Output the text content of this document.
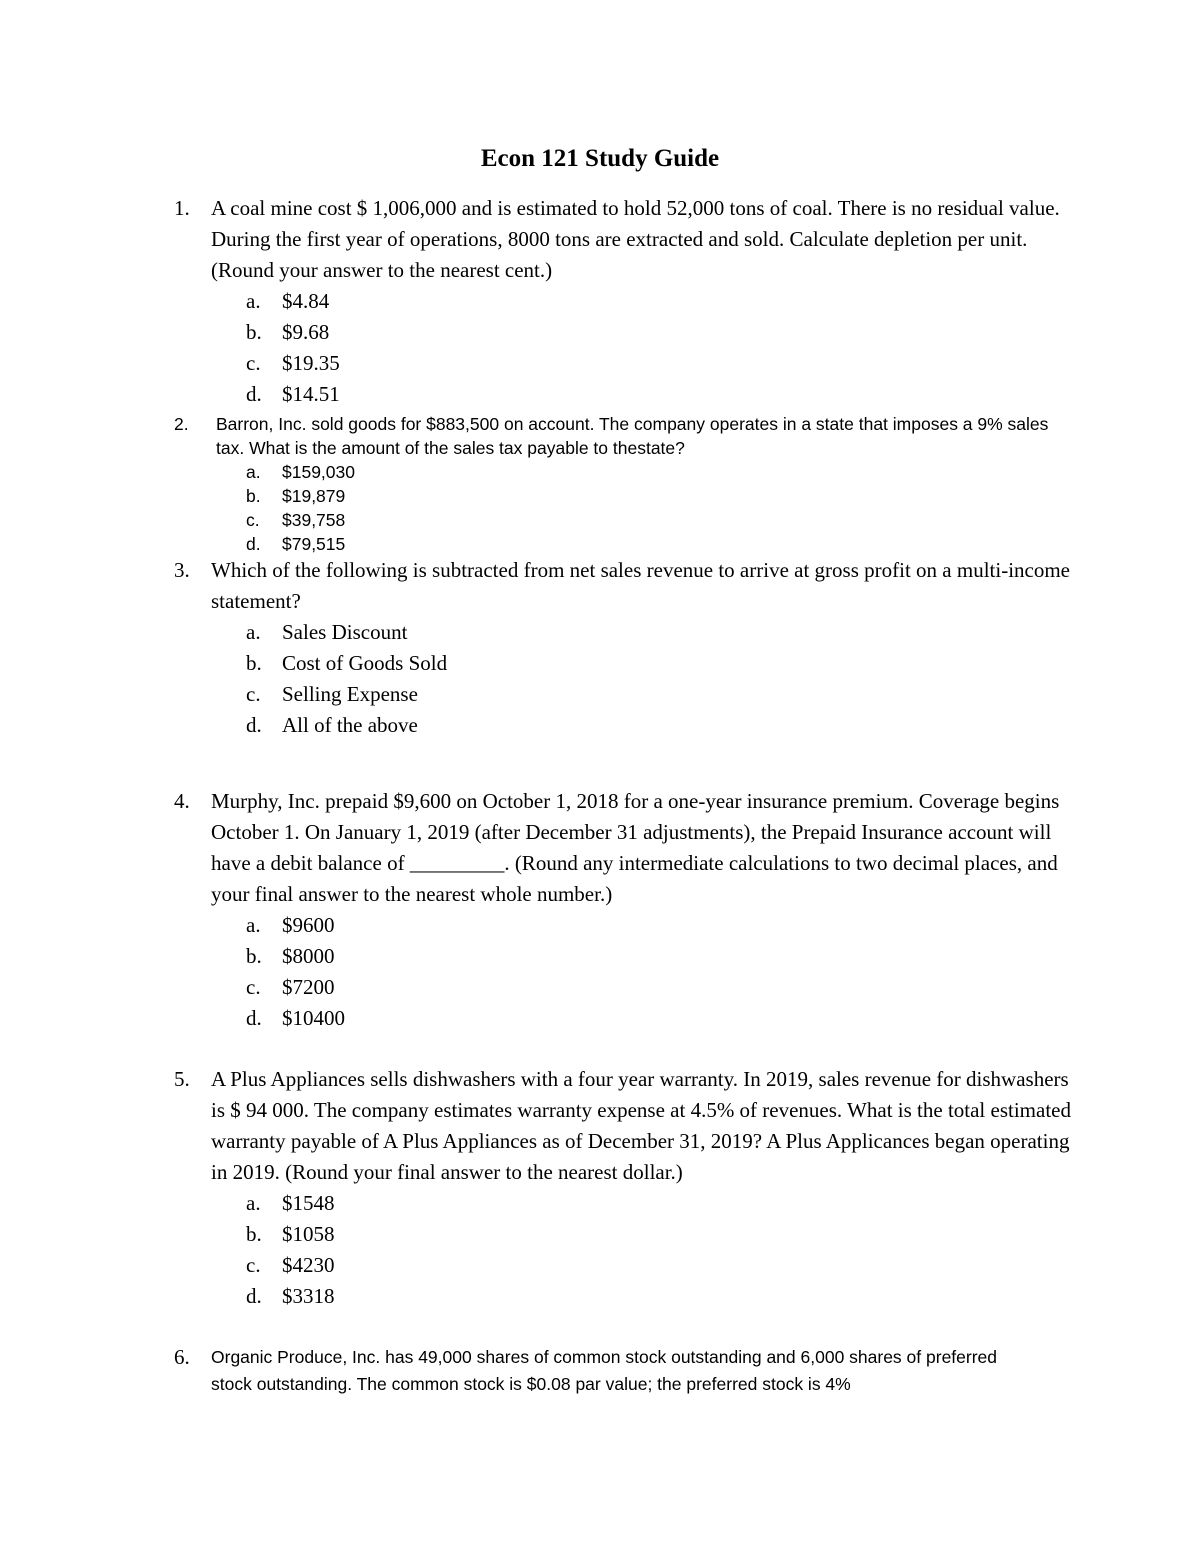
Econ 121 Study Guide
1. A coal mine cost $ 1,006,000 and is estimated to hold 52,000 tons of coal. There is no residual value. During the first year of operations, 8000 tons are extracted and sold. Calculate depletion per unit. (Round your answer to the nearest cent.)
a. $4.84
b. $9.68
c. $19.35
d. $14.51
2. Barron, Inc. sold goods for $883,500 on account. The company operates in a state that imposes a 9% sales tax. What is the amount of the sales tax payable to thestate?
a.	$159,030
b.	$19,879
c.	$39,758
d.	$79,515
3. Which of the following is subtracted from net sales revenue to arrive at gross profit on a multi-income statement?
a. Sales Discount
b. Cost of Goods Sold
c. Selling Expense
d. All of the above
4. Murphy, Inc. prepaid $9,600 on October 1, 2018 for a one-year insurance premium. Coverage begins October 1. On January 1, 2019 (after December 31 adjustments), the Prepaid Insurance account will have a debit balance of _________. (Round any intermediate calculations to two decimal places, and your final answer to the nearest whole number.)
a. $9600
b. $8000
c. $7200
d. $10400
5. A Plus Appliances sells dishwashers with a four year warranty. In 2019, sales revenue for dishwashers is $ 94 000. The company estimates warranty expense at 4.5% of revenues. What is the total estimated warranty payable of A Plus Appliances as of December 31, 2019? A Plus Applicances began operating in 2019. (Round your final answer to the nearest dollar.)
a. $1548
b. $1058
c. $4230
d. $3318
6. Organic Produce, Inc. has 49,000 shares of common stock outstanding and 6,000 shares of preferred stock outstanding. The common stock is $0.08 par value; the preferred stock is 4%
